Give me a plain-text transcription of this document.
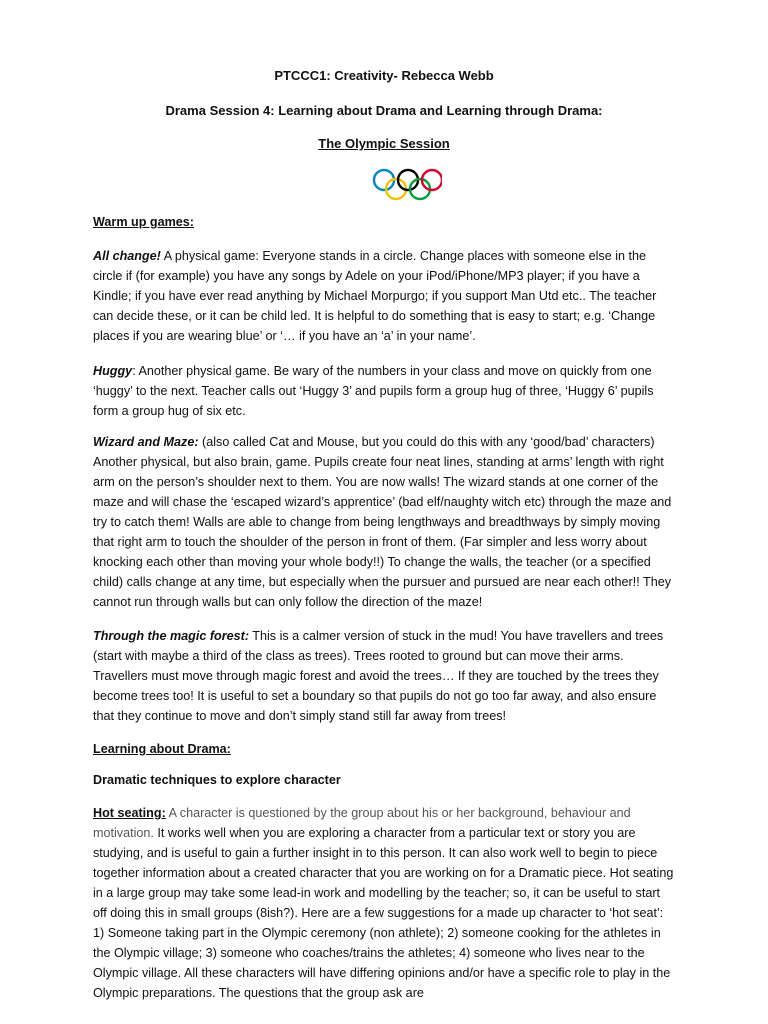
PTCCC1: Creativity- Rebecca Webb
Drama Session 4: Learning about Drama and Learning through Drama:
The Olympic Session
Warm up games:

All change! A physical game: Everyone stands in a circle. Change places with someone else in the circle if (for example) you have any songs by Adele on your iPod/iPhone/MP3 player; if you have a Kindle; if you have ever read anything by Michael Morpurgo; if you support Man Utd etc.. The teacher can decide these, or it can be child led. It is helpful to do something that is easy to start; e.g. ‘Change places if you are wearing blue’ or ‘… if you have an ‘a’ in your name’.

Huggy: Another physical game. Be wary of the numbers in your class and move on quickly from one ‘huggy’ to the next. Teacher calls out ‘Huggy 3’ and pupils form a group hug of three, ‘Huggy 6’ pupils form a group hug of six etc.

Wizard and Maze: (also called Cat and Mouse, but you could do this with any ‘good/bad’ characters) Another physical, but also brain, game. Pupils create four neat lines, standing at arms’ length with right arm on the person’s shoulder next to them. You are now walls! The wizard stands at one corner of the maze and will chase the ‘escaped wizard’s apprentice’ (bad elf/naughty witch etc) through the maze and try to catch them! Walls are able to change from being lengthways and breadthways by simply moving that right arm to touch the shoulder of the person in front of them. (Far simpler and less worry about knocking each other than moving your whole body!!) To change the walls, the teacher (or a specified child) calls change at any time, but especially when the pursuer and pursued are near each other!! They cannot run through walls but can only follow the direction of the maze!

Through the magic forest: This is a calmer version of stuck in the mud! You have travellers and trees (start with maybe a third of the class as trees). Trees rooted to ground but can move their arms. Travellers must move through magic forest and avoid the trees… If they are touched by the trees they become trees too! It is useful to set a boundary so that pupils do not go too far away, and also ensure that they continue to move and don’t simply stand still far away from trees!

Learning about Drama:
Dramatic techniques to explore character

Hot seating: A character is questioned by the group about his or her background, behaviour and motivation. It works well when you are exploring a character from a particular text or story you are studying, and is useful to gain a further insight in to this person. It can also work well to begin to piece together information about a created character that you are working on for a Dramatic piece. Hot seating in a large group may take some lead-in work and modelling by the teacher; so, it can be useful to start off doing this in small groups (8ish?). Here are a few suggestions for a made up character to ‘hot seat’: 1) Someone taking part in the Olympic ceremony (non athlete); 2) someone cooking for the athletes in the Olympic village; 3) someone who coaches/trains the athletes; 4) someone who lives near to the Olympic village. All these characters will have differing opinions and/or have a specific role to play in the Olympic preparations. The questions that the group ask are
